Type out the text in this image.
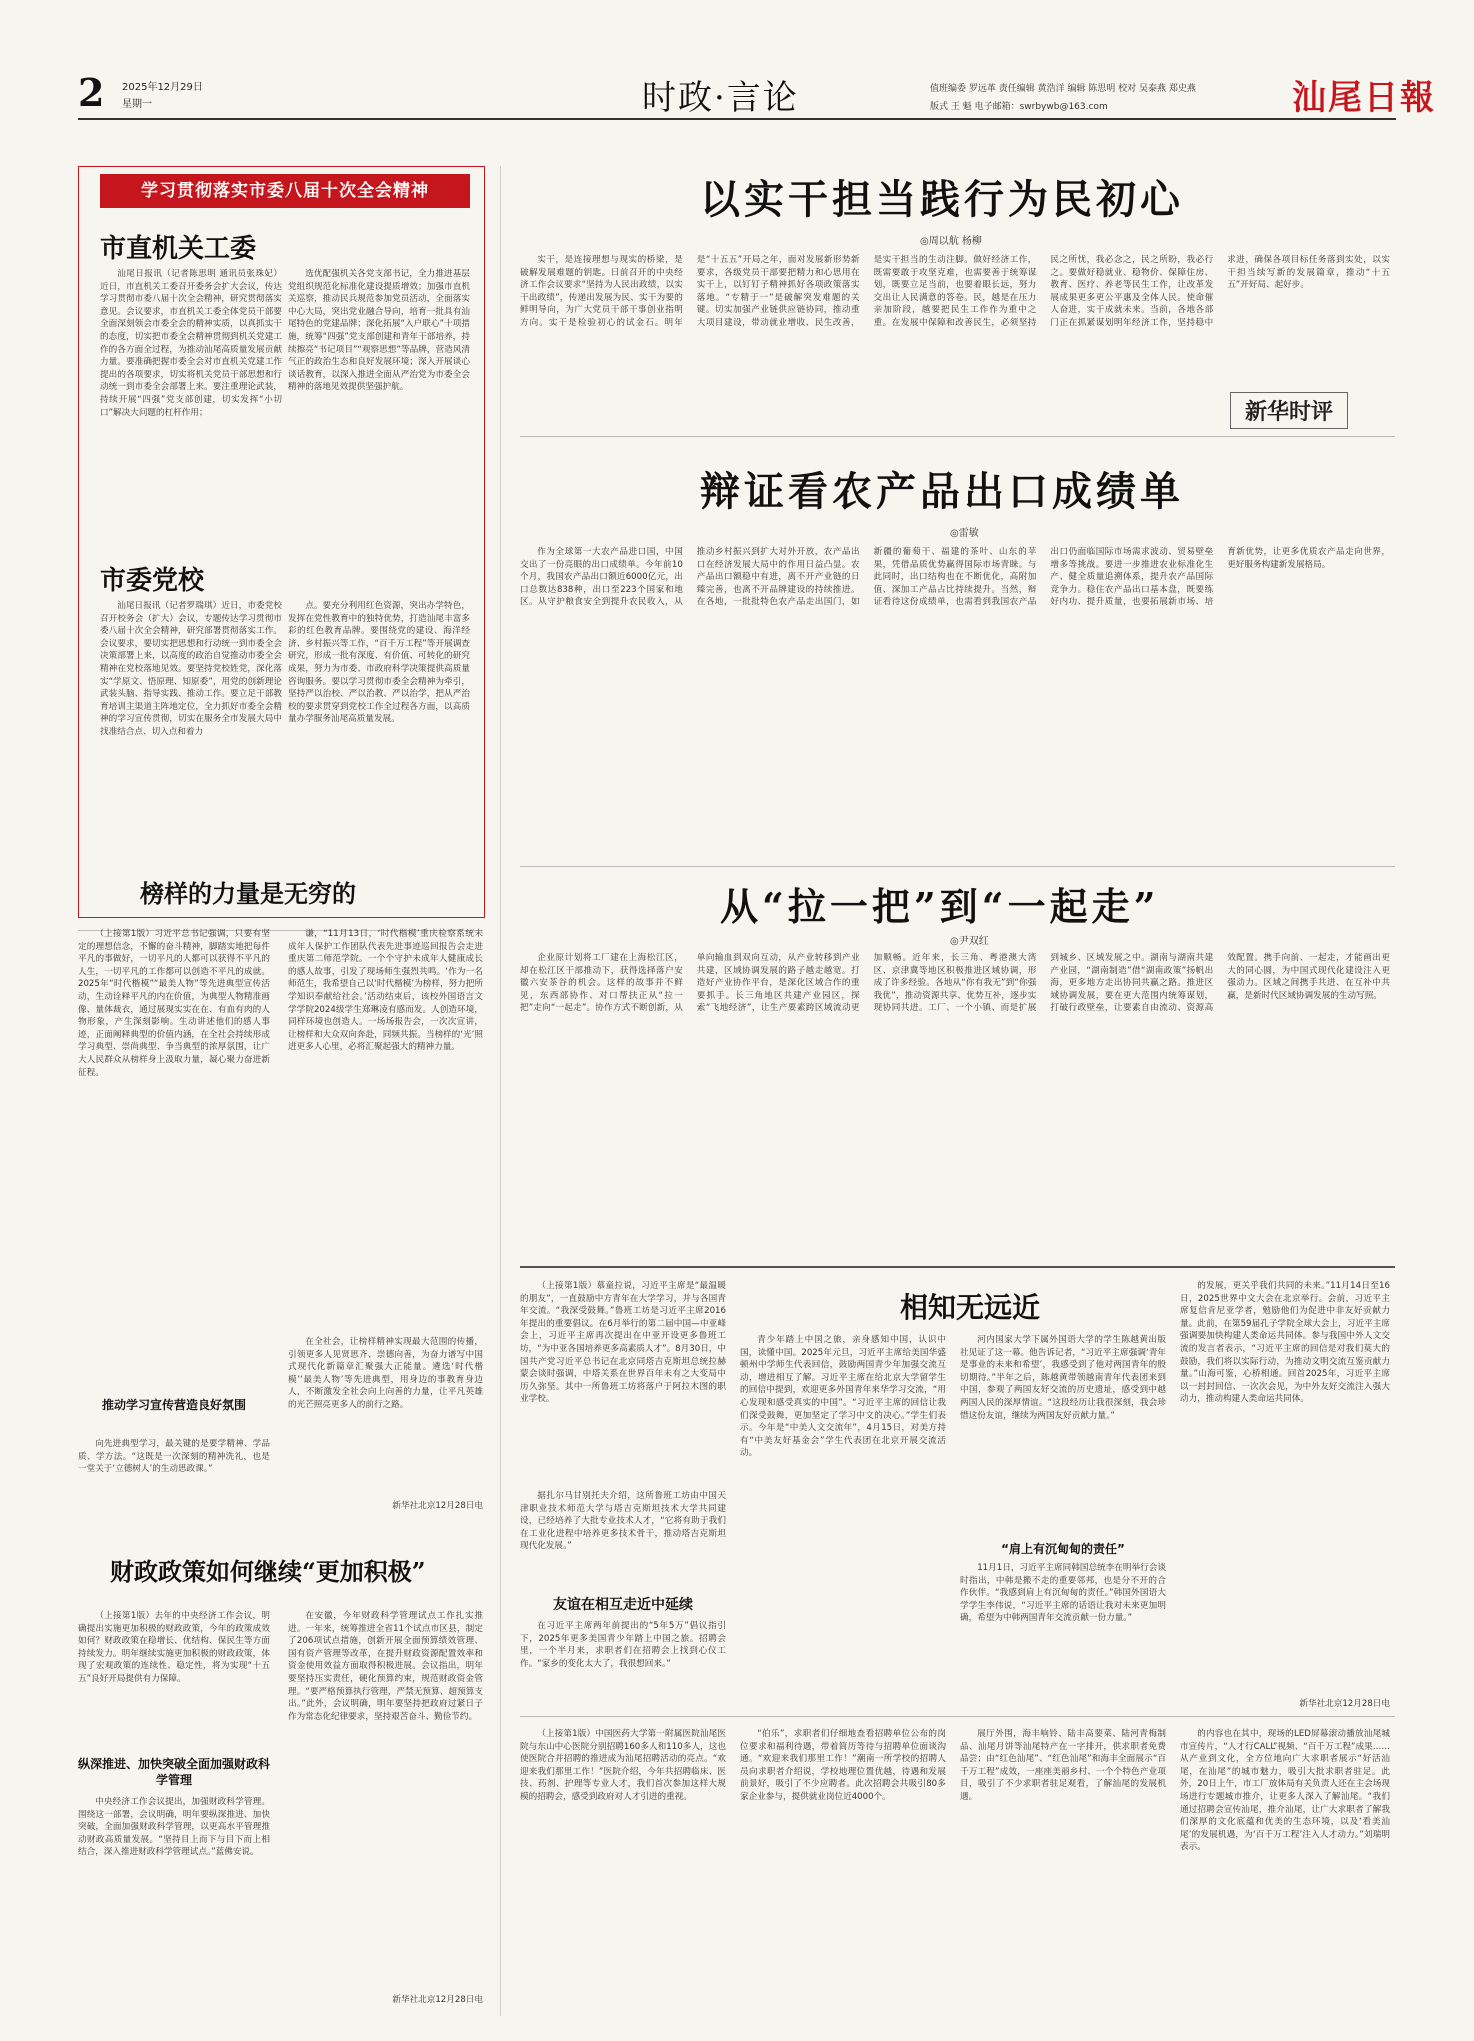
2 2025年12月29日
星期一	时政·言论	值班编委 罗远革 责任编辑 黄浩洋 编辑 陈思明 校对 吴泰燕 郑史燕
版式 王 魁 电子邮箱：swrbywb@163.com	汕尾日報
学习贯彻落实市委八届十次全会精神
市直机关工委

汕尾日报讯（记者陈思明 通讯员张珠妃）近日，市直机关工委召开委务会扩大会议，传达学习贯彻市委八届十次全会精神，研究贯彻落实意见。会议要求，市直机关工委全体党员干部要全面深刻领会市委全会的精神实质，以真抓实干的态度，切实把市委全会精神贯彻到机关党建工作的各方面全过程，为推动汕尾高质量发展贡献力量。要准确把握市委全会对市直机关党建工作提出的各项要求，切实将机关党员干部思想和行动统一到市委全会部署上来。要注重理论武装，持续开展“四强”党支部创建，切实发挥“小切口”解决大问题的杠杆作用；

选优配强机关各党支部书记，全力推进基层党组织规范化标准化建设提质增效；加强市直机关巡察，推动民兵规范参加党员活动，全面落实中心大局，突出党业融合导向，培育一批具有汕尾特色的党建品牌；深化拓展“入户联心”十项措施，统筹“四强”党支部创建和青年干部培养，持续擦亮“书记项目”“观察思想”等品牌，营造风清气正的政治生态和良好发展环境；深入开展谈心谈话教育，以深入推进全面从严治党为市委全会精神的落地见效提供坚强护航。

市委党校

汕尾日报讯（记者罗瑞琪）近日，市委党校召开校务会（扩大）会议，专题传达学习贯彻市委八届十次全会精神，研究部署贯彻落实工作。会议要求，要切实把思想和行动统一到市委全会决策部署上来，以高度的政治自觉推动市委全会精神在党校落地见效。要坚持党校姓党，深化落实“学原文、悟原理、知原委”，用党的创新理论武装头脑、指导实践、推动工作。要立足干部教育培训主渠道主阵地定位，全力抓好市委全会精神的学习宣传贯彻，切实在服务全市发展大局中找准结合点、切入点和着力

点。要充分利用红色资源，突出办学特色，发挥在党性教育中的独特优势，打造汕尾丰富多彩的红色教育品牌。要围绕党的建设、海洋经济、乡村振兴等工作，“百千万工程”等开展调查研究，形成一批有深度、有价值、可转化的研究成果，努力为市委、市政府科学决策提供高质量咨询服务。要以学习贯彻市委全会精神为牵引，坚持严以治校、严以治教、严以治学，把从严治校的要求贯穿到党校工作全过程各方面，以高质量办学服务汕尾高质量发展。

榜样的力量是无穷的

（上接第1版）习近平总书记强调，只要有坚定的理想信念，不懈的奋斗精神，脚踏实地把每件平凡的事做好，一切平凡的人都可以获得不平凡的人生，一切平凡的工作都可以创造不平凡的成就。2025年“时代楷模”“最美人物”等先进典型宣传活动，生动诠释平凡的内在价值，为典型人物精准画像、量体裁衣，通过展现实实在在、有血有肉的人物形象，产生深刻影响。生动讲述他们的感人事迹，正面阐释典型的价值内涵，在全社会持续形成学习典型、崇尚典型、争当典型的浓厚氛围，让广大人民群众从榜样身上汲取力量，凝心聚力奋进新征程。

推动学习宣传营造良好氛围

向先进典型学习，最关键的是要学精神、学品质、学方法。“这既是一次深刻的精神洗礼，也是一堂关于‘立德树人’的生动思政课。”

谦，“11月13日，‘时代楷模’重庆检察系统未成年人保护工作团队代表先进事迹巡回报告会走进重庆第二师范学院。一个个守护未成年人健康成长的感人故事，引发了现场师生强烈共鸣。‘作为一名师范生，我希望自己以‘时代楷模’为榜样，努力把所学知识奉献给社会。’活动结束后，该校外国语言文学学院2024级学生郑琳凌有感而发。人创造环境，同样环境也创造人。一场场报告会，一次次宣讲，让榜样和大众双向奔赴，同频共振。当榜样的‘光’照进更多人心里，必将汇聚起强大的精神力量。

在全社会，让榜样精神实现最大范围的传播，引领更多人见贤思齐、崇德向善，为奋力谱写中国式现代化新篇章汇聚强大正能量。遴选‘时代楷模’‘最美人物’等先进典型，用身边的事教育身边人，不断激发全社会向上向善的力量，让平凡英雄的光芒照亮更多人的前行之路。

新华社北京12月28日电
财政政策如何继续“更加积极”

（上接第1版）去年的中央经济工作会议，明确提出实施更加积极的财政政策，今年的政策成效如何？财政政策在稳增长、优结构、保民生等方面持续发力。明年继续实施更加积极的财政政策，体现了宏观政策的连续性、稳定性，将为实现“十五五”良好开局提供有力保障。

纵深推进、加快突破全面加强财政科学管理

中央经济工作会议提出，加强财政科学管理。围绕这一部署，会议明确，明年要纵深推进、加快突破，全面加强财政科学管理，以更高水平管理推动财政高质量发展。“坚持目上而下与目下而上相结合，深入推进财政科学管理试点。”蓝佛安说。

在安徽，今年财政科学管理试点工作扎实推进。一年来，统筹推进全省11个试点市区县，制定了206项试点措施，创新开展全面预算绩效管理、国有资产管理等改革，在提升财政资源配置效率和资金使用效益方面取得积极进展。会议指出，明年要坚持压实责任，硬化预算约束，规范财政资金管理。“要严格预算执行管理，严禁无预算、超预算支出。”此外，会议明确，明年要坚持把政府过紧日子作为常态化纪律要求，坚持艰苦奋斗、勤俭节约。

新华社北京12月28日电
以实干担当践行为民初心
◎周以航 杨柳

实干，是连接理想与现实的桥梁，是破解发展难题的钥匙。日前召开的中央经济工作会议要求“坚持为人民出政绩，以实干出政绩”，传递出发展为民、实干为要的鲜明导向，为广大党员干部干事创业指明方向。实干是检验初心的试金石。明年是“十五五”开局之年，面对发展新形势新要求，各级党员干部要把精力和心思用在实干上，以钉钉子精神抓好各项政策落实落地。“专精于一”是破解突发难题的关键。切实加强产业链供应链协同，推动重大项目建设，带动就业增收、民生改善，是实干担当的生动注脚。做好经济工作，既需要敢于攻坚克难，也需要善于统筹谋划，既要立足当前，也要着眼长远，努力交出让人民满意的答卷。民，越是在压力亲加阶段，越要把民生工作作为重中之重。在发展中保障和改善民生，必须坚持民之所忧，我必念之，民之所盼，我必行之。要做好稳就业、稳物价、保障住房、教育、医疗、养老等民生工作，让改革发展成果更多更公平惠及全体人民。使命催人奋进，实干成就未来。当前，各地各部门正在抓紧谋划明年经济工作，坚持稳中求进，确保各项目标任务落到实处，以实干担当续写新的发展篇章，推动“十五五”开好局、起好步。

新华时评
辩证看农产品出口成绩单
◎雷敏

作为全球第一大农产品进口国，中国交出了一份亮眼的出口成绩单。今年前10个月，我国农产品出口额近6000亿元，出口总数达838种，出口至223个国家和地区。从守护粮食安全到提升农民收入，从推动乡村振兴到扩大对外开放，农产品出口在经济发展大局中的作用日益凸显。农产品出口额稳中有进，离不开产业链的日臻完善，也离不开品牌建设的持续推进。在各地，一批批特色农产品走出国门，如新疆的葡萄干、福建的茶叶、山东的苹果，凭借品质优势赢得国际市场青睐。与此同时，出口结构也在不断优化，高附加值、深加工产品占比持续提升。当然，辩证看待这份成绩单，也需看到我国农产品出口仍面临国际市场需求波动、贸易壁垒增多等挑战。要进一步推进农业标准化生产、健全质量追溯体系，提升农产品国际竞争力。稳住农产品出口基本盘，既要练好内功、提升质量，也要拓展新市场、培育新优势，让更多优质农产品走向世界，更好服务构建新发展格局。

从“拉一把”到“一起走”
◎尹双红

企业原计划将工厂建在上海松江区，却在松江区干部推动下，获得选择落户安徽六安茶谷的机会。这样的故事并不鲜见，东西部协作、对口帮扶正从“拉一把”走向“一起走”。协作方式不断创新，从单向输血到双向互动，从产业转移到产业共建，区域协调发展的路子越走越宽。打造好产业协作平台，是深化区域合作的重要抓手。长三角地区共建产业园区，探索“飞地经济”，让生产要素跨区域流动更加顺畅。近年来，长三角、粤港澳大湾区、京津冀等地区积极推进区域协调，形成了许多经验。各地从“你有我无”到“你强我优”，推动资源共享、优势互补，逐步实现协同共进。工厂、一个小镇、而是扩展到城乡、区域发展之中。湖南与湖南共建产业园，“湖南制造”借“湖南政策”扬帆出海，更多地方走出协同共赢之路。推进区域协调发展，要在更大范围内统筹谋划，打破行政壁垒，让要素自由流动、资源高效配置。携手向前、一起走，才能画出更大的同心圆，为中国式现代化建设注入更强动力。区域之间携手共进、在互补中共赢，是新时代区域协调发展的生动写照。

相知无远近

（上接第1版）慕童拉说，习近平主席是“最温暖的朋友”，一直鼓励中方青年在大学学习，并与各国青年交流。“我深受鼓舞。”鲁班工坊是习近平主席2016年提出的重要倡议。在6月举行的第二届中国—中亚峰会上，习近平主席再次提出在中亚开设更多鲁班工坊，“为中亚各国培养更多高素质人才”。8月30日，中国共产党习近平总书记在北京同塔吉克斯坦总统拉赫蒙会谈时强调，中塔关系在世界百年未有之大变局中历久弥坚。其中一所鲁班工坊将落户于阿拉木图的职业学校。

青少年踏上中国之旅，亲身感知中国，认识中国，读懂中国。2025年元旦，习近平主席给美国华盛顿州中学师生代表回信，鼓励两国青少年加强交流互动，增进相互了解。习近平主席在给北京大学留学生的回信中提到，欢迎更多外国青年来华学习交流，“用心发现和感受真实的中国”。“习近平主席的回信让我们深受鼓舞，更加坚定了学习中文的决心。”学生们表示。今年是“中美人文交流年”，4月15日，对美方持有“中美友好基金会”学生代表团在北京开展交流活动。

河内国家大学下属外国语大学的学生陈越黄出版社见证了这一幕。他告诉记者，“习近平主席强调‘青年是事业的未来和希望’，我感受到了他对两国青年的殷切期待。”半年之后，陈越黄带领越南青年代表团来到中国，参观了两国友好交流的历史遗址，感受到中越两国人民的深厚情谊。“这段经历让我很深刻，我会珍惜这份友谊，继续为两国友好贡献力量。”

“肩上有沉甸甸的责任”

11月1日，习近平主席同韩国总统李在明举行会谈时指出，中韩是搬不走的重要邻邦，也是分不开的合作伙伴。“我感到肩上有沉甸甸的责任。”韩国外国语大学学生李伟说，“习近平主席的话语让我对未来更加明确，希望为中韩两国青年交流贡献一份力量。”

的发展，更关乎我们共同的未来。”11月14日至16日，2025世界中文大会在北京举行。会前，习近平主席复信肯尼亚学者，勉励他们为促进中非友好贡献力量。此前，在第59届孔子学院全球大会上，习近平主席强调要加快构建人类命运共同体。参与我国中外人文交流的发言者表示，“习近平主席的回信是对我们莫大的鼓励，我们将以实际行动，为推动文明交流互鉴贡献力量。”山海可鉴，心桥相通。回首2025年，习近平主席以一封封回信、一次次会见，为中外友好交流注入强大动力，推动构建人类命运共同体。

新华社北京12月28日电
友谊在相互走近中延续

据扎尔马甘别托夫介绍，这所鲁班工坊由中国天津职业技术师范大学与塔吉克斯坦技术大学共同建设，已经培养了大批专业技术人才，“它将有助于我们在工业化进程中培养更多技术骨干，推动塔吉克斯坦现代化发展。”

在习近平主席两年前提出的“5年5万”倡议指引下，2025年更多美国青少年踏上中国之旅。招聘会里，一个半月来，求职者们在招聘会上找到心仪工作。“家乡的变化太大了，我很想回来。”

（上接第1版）中国医药大学第一附属医院汕尾医院与东山中心医院分别招聘160多人和110多人，这也使医院合并招聘的推进成为汕尾招聘活动的亮点。“欢迎来我们那里工作！”医院介绍，今年共招聘临床、医技、药剂、护理等专业人才，我们首次参加这样大规模的招聘会，感受到政府对人才引进的重视。

“伯乐”，求职者们仔细地查看招聘单位公布的岗位要求和福利待遇，带着简历等待与招聘单位面谈沟通。“欢迎来我们那里工作！”潮南一所学校的招聘人员向求职者介绍说，学校地理位置优越，待遇和发展前景好，吸引了不少应聘者。此次招聘会共吸引80多家企业参与，提供就业岗位近4000个。

展厅外围，海丰响铃、陆丰高要菜、陆河青梅制品、汕尾月饼等汕尾特产在一字排开，供求职者免费品尝；由“红色汕尾”、“红色汕尾”和海丰全面展示“百千万工程”成效，一座座美丽乡村、一个个特色产业项目，吸引了不少求职者驻足观看，了解汕尾的发展机遇。

的内容也在其中，现场的LED屏幕滚动播放汕尾城市宣传片，“人才行CALL”视频、“百千万工程”成果……从产业到文化，全方位地向广大求职者展示“好活汕尾，在汕尾”的城市魅力，吸引大批求职者驻足。此外，20日上午，市工厂放体局有关负责人还在主会场现场进行专题城市推介，让更多人深入了解汕尾。“我们通过招聘会宣传汕尾，推介汕尾，让广大求职者了解我们深厚的文化底蕴和优美的生态环境，以及‘看美汕尾’的发展机遇，为‘百千万工程’注入人才动力。”刘瑞明表示。
